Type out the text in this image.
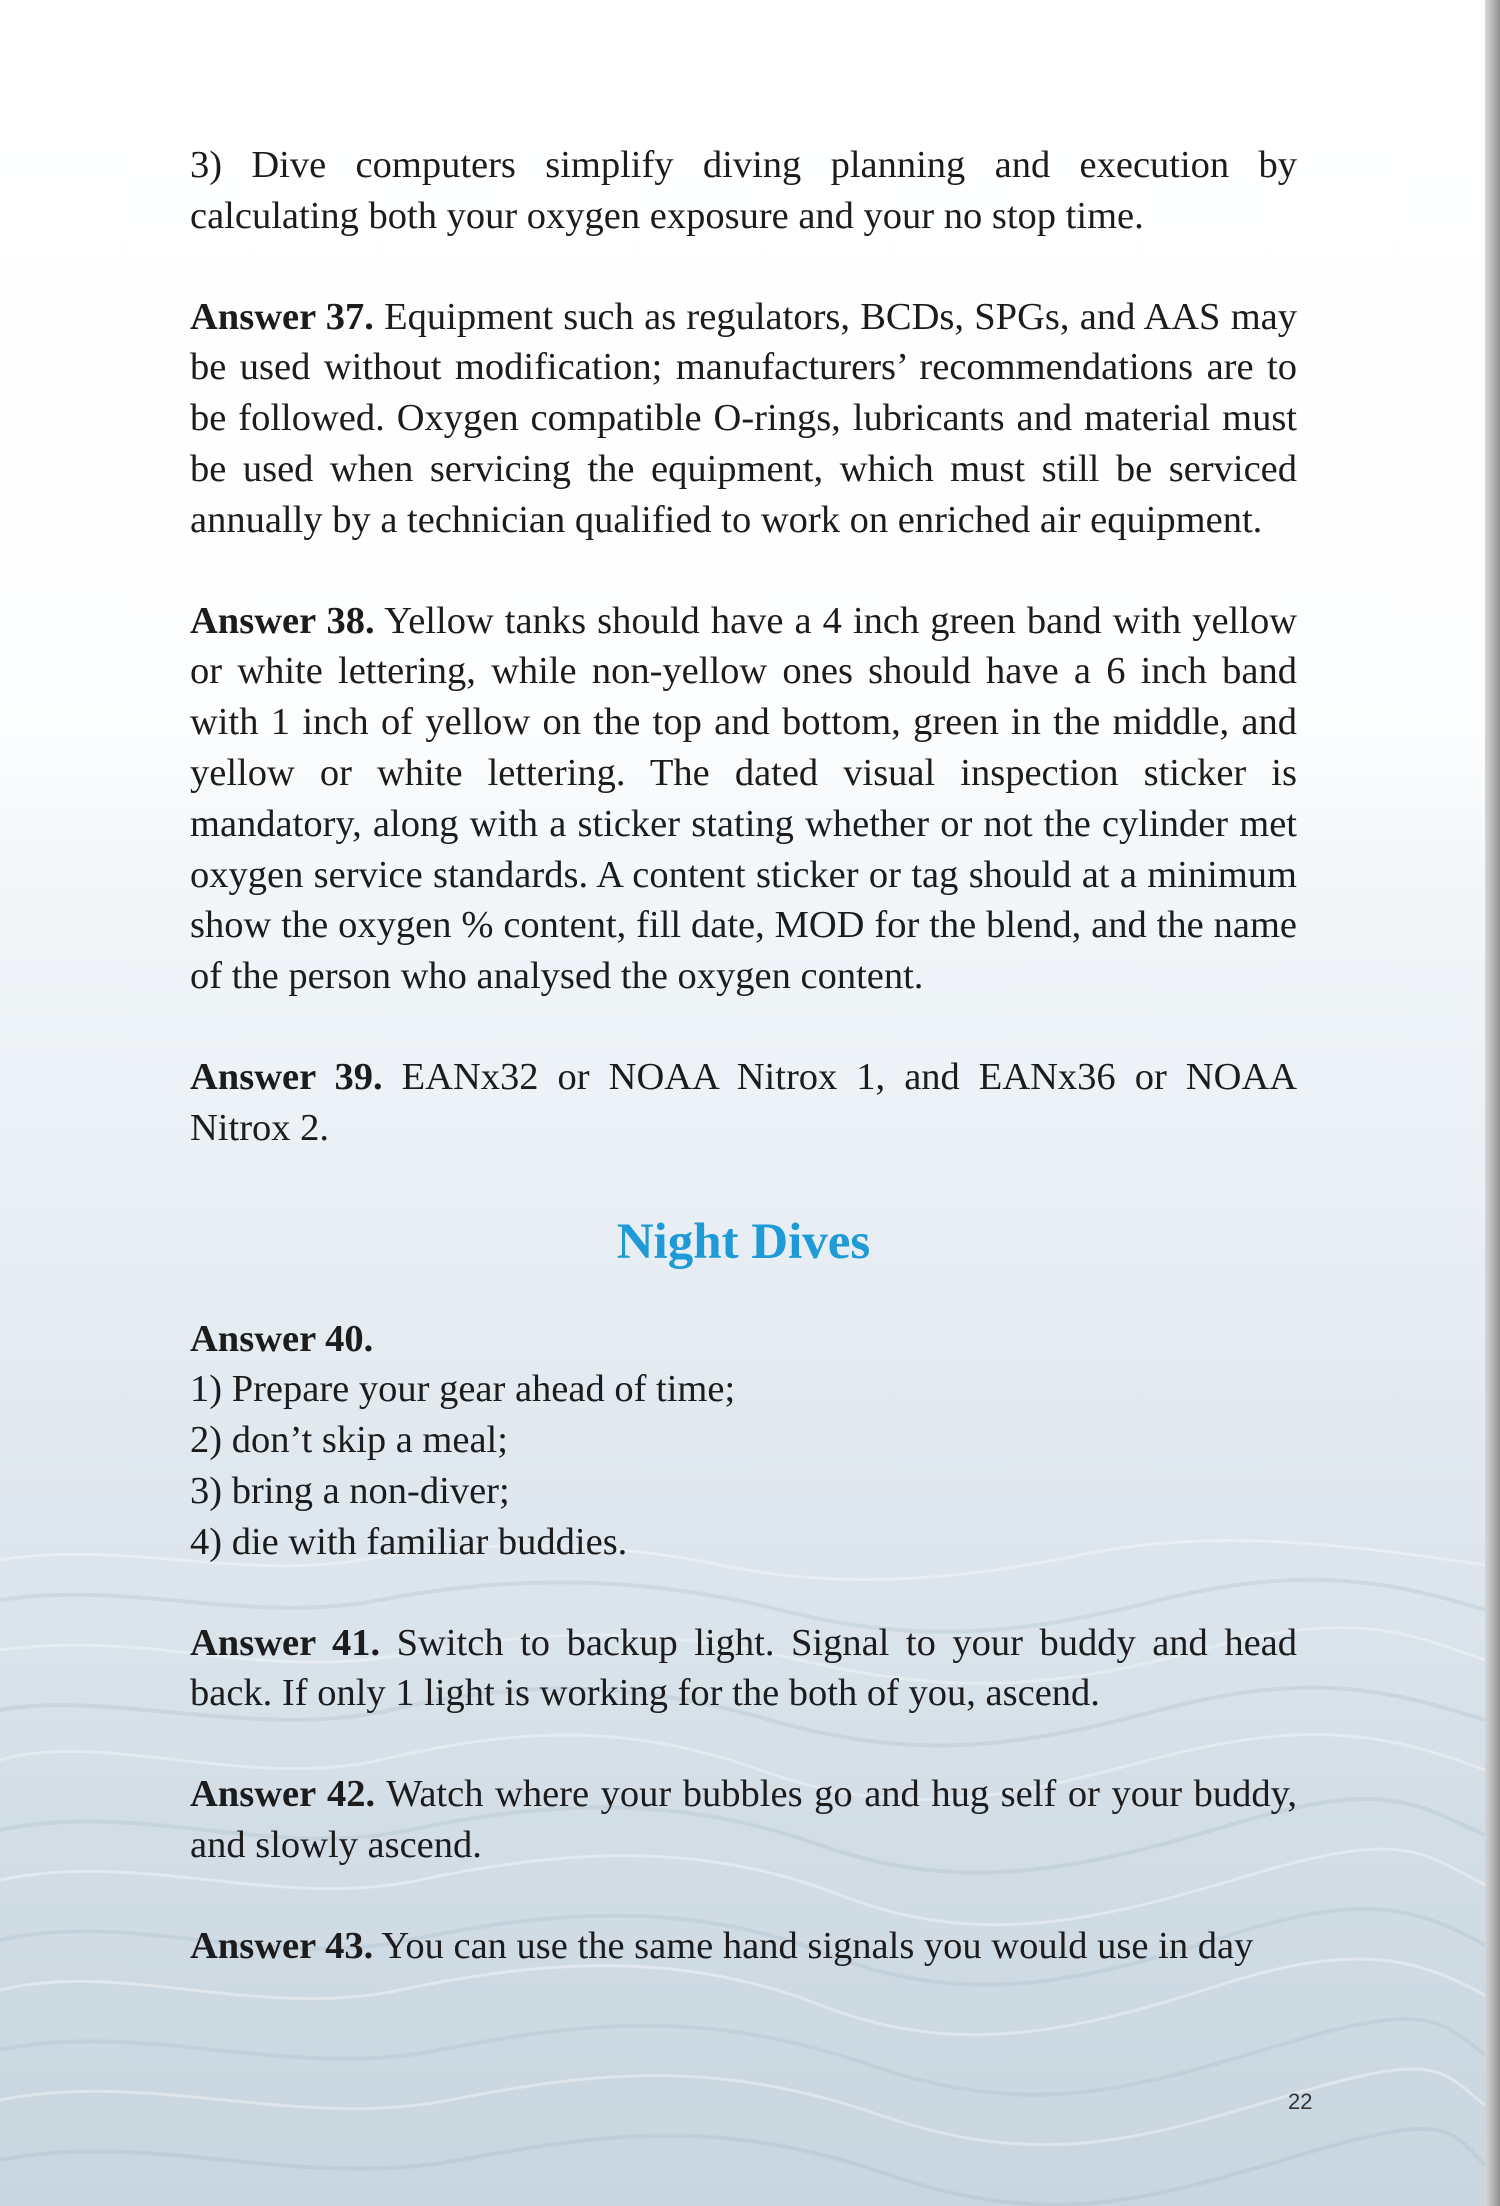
3) Dive computers simplify diving planning and execution by calculating both your oxygen exposure and your no stop time.

Answer 37. Equipment such as regulators, BCDs, SPGs, and AAS may be used without modification; manufacturers’ recommendations are to be followed. Oxygen compatible O-rings, lubricants and material must be used when servicing the equipment, which must still be serviced annually by a technician qualified to work on enriched air equipment.

Answer 38. Yellow tanks should have a 4 inch green band with yellow or white lettering, while non-yellow ones should have a 6 inch band with 1 inch of yellow on the top and bottom, green in the middle, and yellow or white lettering. The dated visual inspection sticker is mandatory, along with a sticker stating whether or not the cylinder met oxygen service standards. A content sticker or tag should at a minimum show the oxygen % content, fill date, MOD for the blend, and the name of the person who analysed the oxygen content.

Answer 39. EANx32 or NOAA Nitrox 1, and EANx36 or NOAA Nitrox 2.

Night Dives
Answer 40.
1) Prepare your gear ahead of time;
2) don’t skip a meal;
3) bring a non-diver;
4) die with familiar buddies.

Answer 41. Switch to backup light. Signal to your buddy and head back. If only 1 light is working for the both of you, ascend.

Answer 42. Watch where your bubbles go and hug self or your buddy, and slowly ascend.

Answer 43. You can use the same hand signals you would use in day

22
